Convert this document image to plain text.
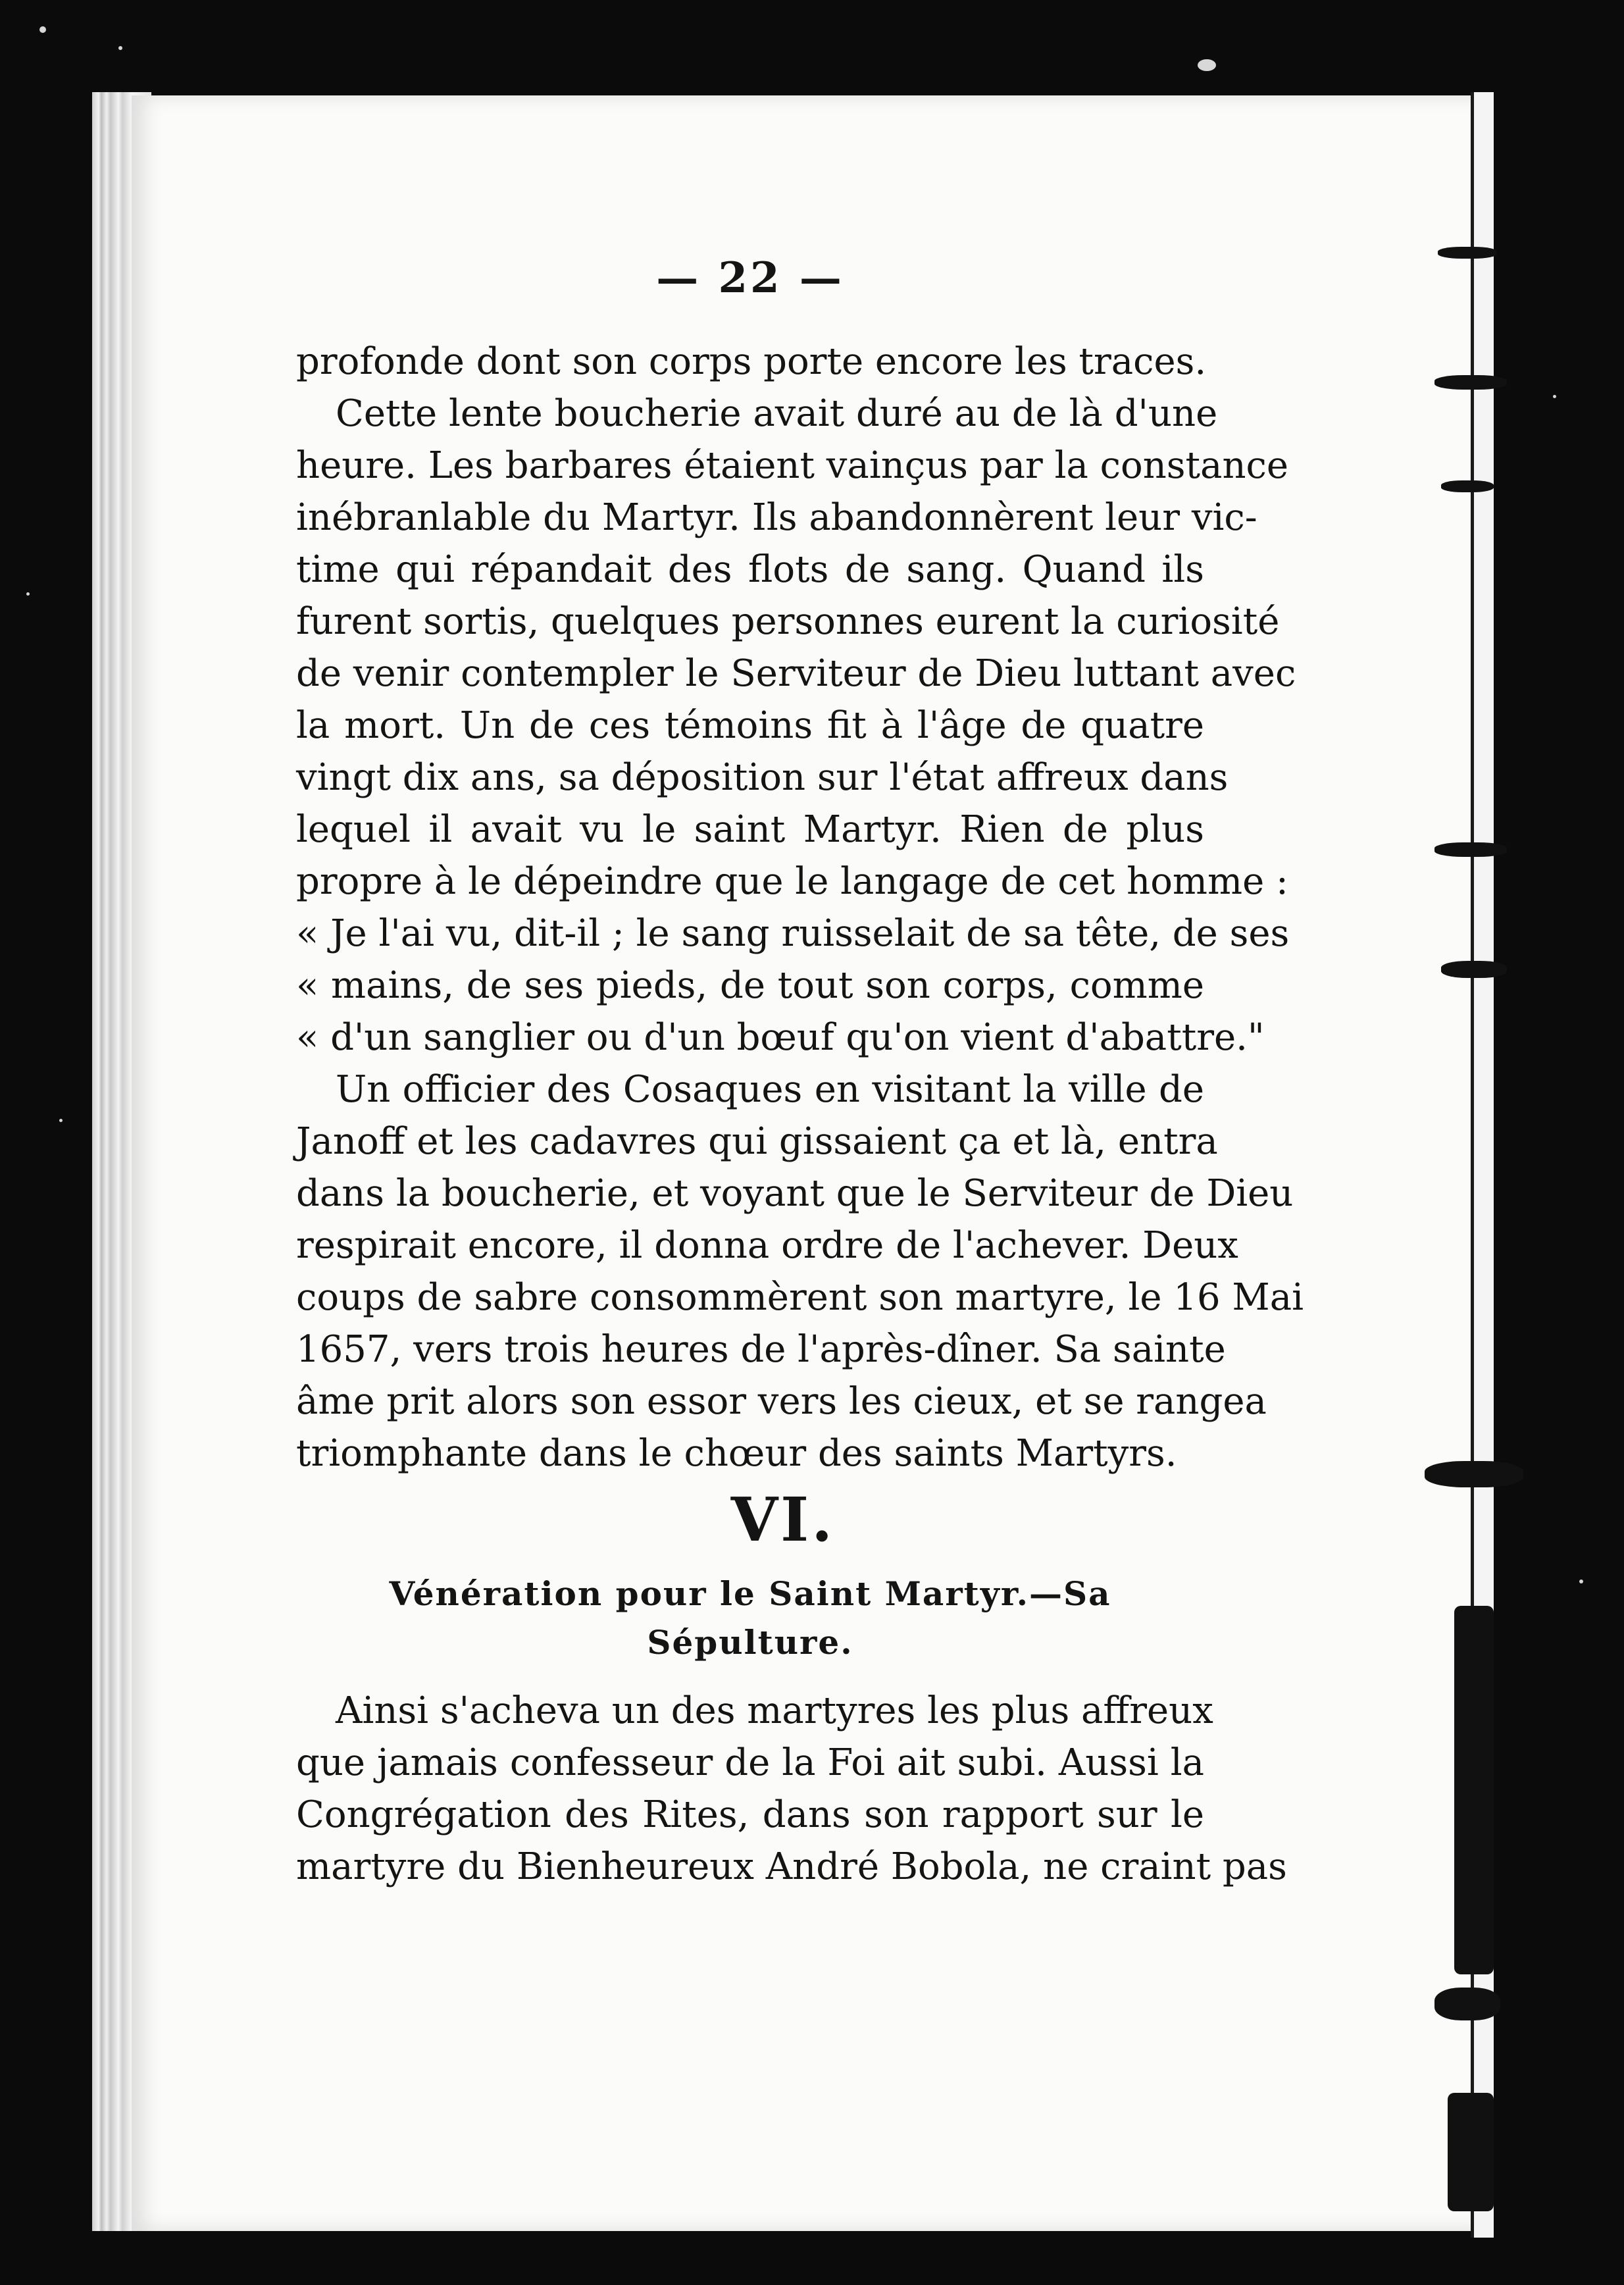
— 22 —
profonde dont son corps porte encore les traces.
Cette lente boucherie avait duré au de là d'une
heure. Les barbares étaient vainçus par la constance
inébranlable du Martyr. Ils abandonnèrent leur vic-
time qui répandait des flots de sang. Quand ils
furent sortis, quelques personnes eurent la curiosité
de venir contempler le Serviteur de Dieu luttant avec
la mort. Un de ces témoins fit à l'âge de quatre
vingt dix ans, sa déposition sur l'état affreux dans
lequel il avait vu le saint Martyr. Rien de plus
propre à le dépeindre que le langage de cet homme :
« Je l'ai vu, dit-il ; le sang ruisselait de sa tête, de ses
« mains, de ses pieds, de tout son corps, comme
« d'un sanglier ou d'un bœuf qu'on vient d'abattre."
Un officier des Cosaques en visitant la ville de
Janoff et les cadavres qui gissaient ça et là, entra
dans la boucherie, et voyant que le Serviteur de Dieu
respirait encore, il donna ordre de l'achever. Deux
coups de sabre consommèrent son martyre, le 16 Mai
1657, vers trois heures de l'après-dîner. Sa sainte
âme prit alors son essor vers les cieux, et se rangea
triomphante dans le chœur des saints Martyrs.
VI.
Vénération pour le Saint Martyr.—Sa
Sépulture.
Ainsi s'acheva un des martyres les plus affreux
que jamais confesseur de la Foi ait subi. Aussi la
Congrégation des Rites, dans son rapport sur le
martyre du Bienheureux André Bobola, ne craint pas
